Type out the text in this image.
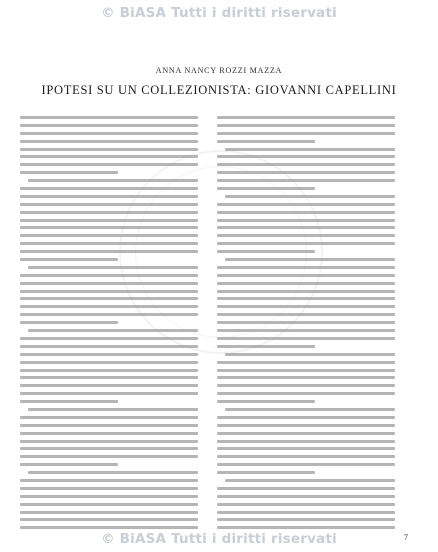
© BiASA Tutti i diritti riservati
ANNA NANCY ROZZI MAZZA
IPOTESI SU UN COLLEZIONISTA: GIOVANNI CAPELLINI
7
© BiASA Tutti i diritti riservati
